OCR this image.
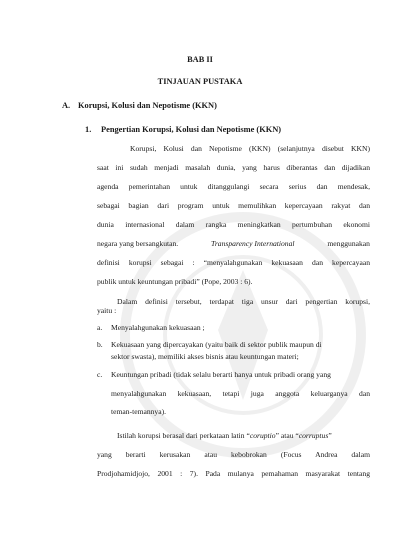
BAB II
TINJAUAN PUSTAKA
A. Korupsi, Kolusi dan Nepotisme (KKN)
1. Pengertian Korupsi, Kolusi dan Nepotisme (KKN)
Korupsi, Kolusi dan Nepotisme (KKN) (selanjutnya disebut KKN)
saat ini sudah menjadi masalah dunia, yang harus diberantas dan dijadikan
agenda pemerintahan untuk ditanggulangi secara serius dan mendesak,
sebagai bagian dari program untuk memulihkan kepercayaan rakyat dan
dunia internasional dalam rangka meningkatkan pertumbuhan ekonomi
negara yang bersangkutan.	Transparency International	menggunakan
definisi korupsi sebagai : “menyalahgunakan kekuasaan dan kepercayaan
publik untuk keuntungan pribadi” (Pope, 2003 : 6).
Dalam definisi tersebut, terdapat tiga unsur dari pengertian korupsi,
yaitu :
a. Menyalahgunakan kekuasaan ;
b. Kekuasaan yang dipercayakan (yaitu baik di sektor publik maupun di
sektor swasta), memiliki akses bisnis atau keuntungan materi;
c. Keuntungan pribadi (tidak selalu berarti hanya untuk pribadi orang yang
menyalahgunakan kekuasaan, tetapi juga anggota keluarganya dan
teman-temannya).
Istilah korupsi berasal dari perkataan latin “coruptio” atau “corruptus”
yang berarti kerusakan atau kebobrokan (Focus Andrea dalam
Prodjohamidjojo, 2001 : 7). Pada mulanya pemahaman masyarakat tentang
